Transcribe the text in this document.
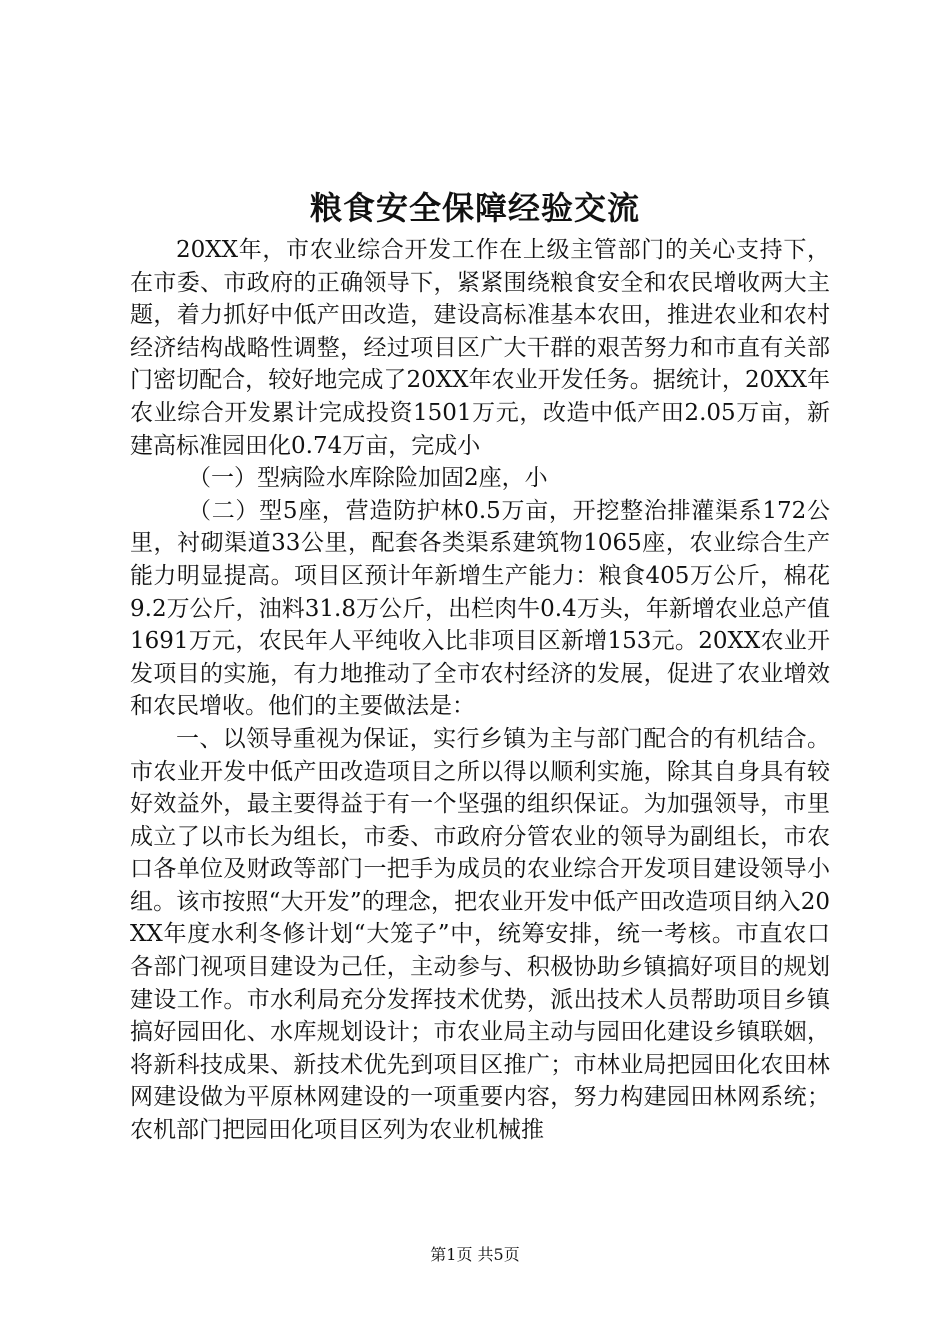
粮食安全保障经验交流

20XX年，市农业综合开发工作在上级主管部门的关心支持下，在市委、市政府的正确领导下，紧紧围绕粮食安全和农民增收两大主题，着力抓好中低产田改造，建设高标准基本农田，推进农业和农村经济结构战略性调整，经过项目区广大干群的艰苦努力和市直有关部门密切配合，较好地完成了20XX年农业开发任务。据统计，20XX年农业综合开发累计完成投资1501万元，改造中低产田2.05万亩，新建高标准园田化0.74万亩，完成小

（一）型病险水库除险加固2座，小

（二）型5座，营造防护林0.5万亩，开挖整治排灌渠系172公里，衬砌渠道33公里，配套各类渠系建筑物1065座，农业综合生产能力明显提高。项目区预计年新增生产能力：粮食405万公斤，棉花9.2万公斤，油料31.8万公斤，出栏肉牛0.4万头，年新增农业总产值1691万元，农民年人平纯收入比非项目区新增153元。20XX农业开发项目的实施，有力地推动了全市农村经济的发展，促进了农业增效和农民增收。他们的主要做法是：

一、以领导重视为保证，实行乡镇为主与部门配合的有机结合。市农业开发中低产田改造项目之所以得以顺利实施，除其自身具有较好效益外，最主要得益于有一个坚强的组织保证。为加强领导，市里成立了以市长为组长，市委、市政府分管农业的领导为副组长，市农口各单位及财政等部门一把手为成员的农业综合开发项目建设领导小组。该市按照“大开发”的理念，把农业开发中低产田改造项目纳入20XX年度水利冬修计划“大笼子”中，统筹安排，统一考核。市直农口各部门视项目建设为己任，主动参与、积极协助乡镇搞好项目的规划建设工作。市水利局充分发挥技术优势，派出技术人员帮助项目乡镇搞好园田化、水库规划设计；市农业局主动与园田化建设乡镇联姻，将新科技成果、新技术优先到项目区推广；市林业局把园田化农田林网建设做为平原林网建设的一项重要内容，努力构建园田林网系统；农机部门把园田化项目区列为农业机械推

第1页 共5页
